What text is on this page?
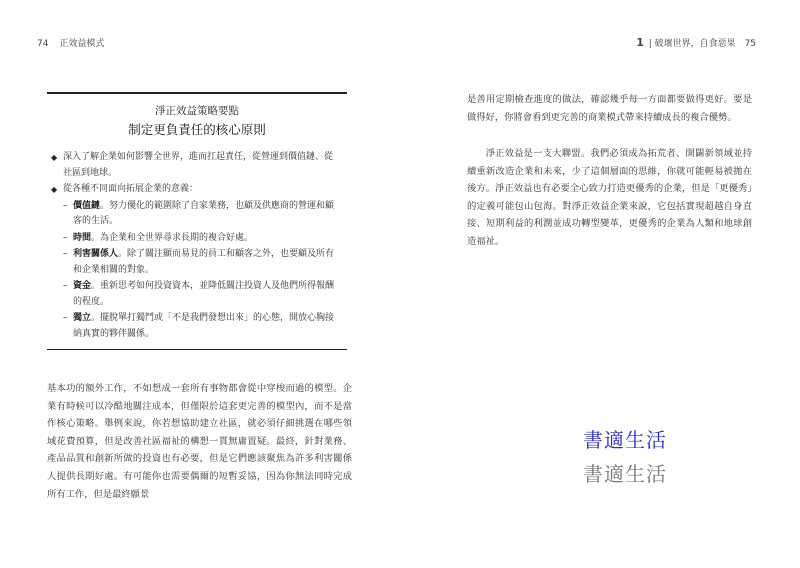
74 正效益模式
淨正效益策略要點
制定更負責任的核心原則
◆ 深入了解企業如何影響全世界，進而扛起責任，從營運到價值鏈、從社區到地球。
◆ 從各種不同面向拓展企業的意義：
– 價值鏈。努力優化的範圍除了自家業務，也顧及供應商的營運和顧客的生活。
– 時間。為企業和全世界尋求長期的複合好處。
– 利害關係人。除了關注顯而易見的員工和顧客之外，也要顧及所有和企業相關的對象。
– 資金。重新思考如何投資資本，並降低關注投資人及他們所得報酬的程度。
– 獨立。擺脫單打獨鬥或「不是我們發想出來」的心態，開放心胸接納真實的夥伴關係。
基本功的額外工作，不如想成一套所有事物都會從中穿梭而過的模型。企業有時候可以冷酷地關注成本，但僅限於這套更完善的模型內，而不是當作核心策略。舉例來說，你若想協助建立社區，就必須仔細挑選在哪些領域花費預算，但是改善社區福祉的構想一貫無庸置疑。最終，針對業務、產品品質和創新所做的投資也有必要，但是它們應該聚焦為許多利害關係人提供長期好處。有可能你也需要偶爾的短暫妥協，因為你無法同時完成所有工作，但是最終願景
1 | 破壞世界，自食惡果 75
是善用定期檢查進度的做法，確認幾乎每一方面都要做得更好。要是做得好，你將會看到更完善的商業模式帶來持續成長的複合優勢。
淨正效益是一支大聯盟。我們必須成為拓荒者、開闢新領域並持續重新改造企業和未來，少了這個層面的思維，你就可能輕易被拋在後方。淨正效益也有必要全心致力打造更優秀的企業，但是「更優秀」的定義可能包山包海。對淨正效益企業來說，它包括實現超越自身直接、短期利益的利潤並成功轉型變革，更優秀的企業為人類和地球創造福祉。
書適生活
書適生活
